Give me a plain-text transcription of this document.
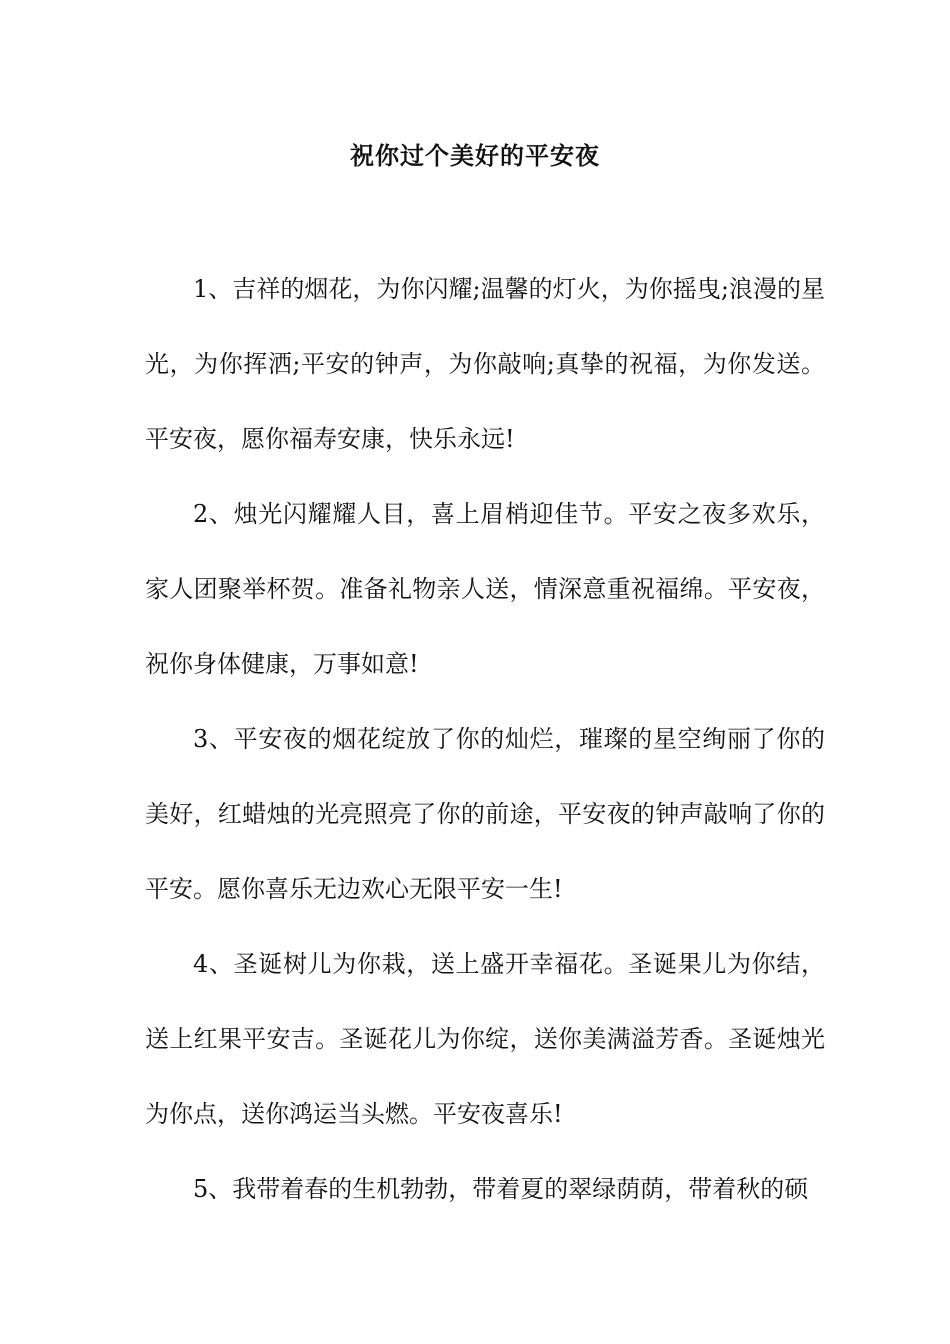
祝你过个美好的平安夜

1、吉祥的烟花，为你闪耀;温馨的灯火，为你摇曳;浪漫的星光，为你挥洒;平安的钟声，为你敲响;真挚的祝福，为你发送。平安夜，愿你福寿安康，快乐永远!

2、烛光闪耀耀人目，喜上眉梢迎佳节。平安之夜多欢乐，家人团聚举杯贺。准备礼物亲人送，情深意重祝福绵。平安夜，祝你身体健康，万事如意!

3、平安夜的烟花绽放了你的灿烂，璀璨的星空绚丽了你的美好，红蜡烛的光亮照亮了你的前途，平安夜的钟声敲响了你的平安。愿你喜乐无边欢心无限平安一生!

4、圣诞树儿为你栽，送上盛开幸福花。圣诞果儿为你结，送上红果平安吉。圣诞花儿为你绽，送你美满溢芳香。圣诞烛光为你点，送你鸿运当头燃。平安夜喜乐!

5、我带着春的生机勃勃，带着夏的翠绿荫荫，带着秋的硕
